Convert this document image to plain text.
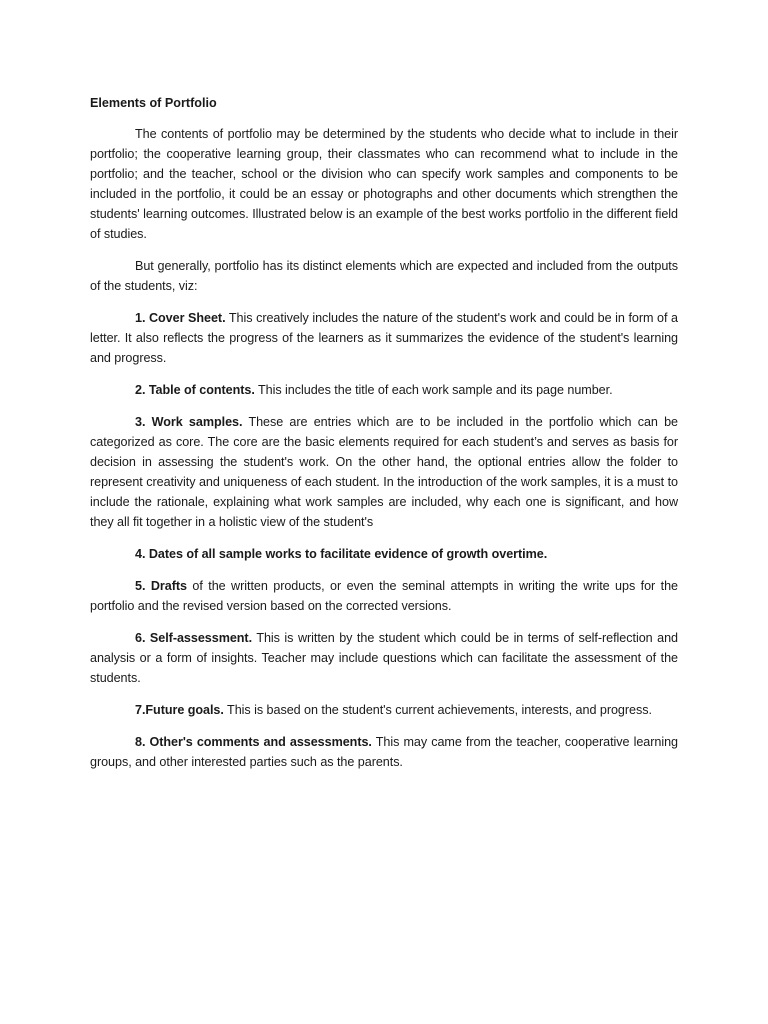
Elements of Portfolio

The contents of portfolio may be determined by the students who decide what to include in their portfolio; the cooperative learning group, their classmates who can recommend what to include in the portfolio; and the teacher, school or the division who can specify work samples and components to be included in the portfolio, it could be an essay or photographs and other documents which strengthen the students' learning outcomes. Illustrated below is an example of the best works portfolio in the different field of studies.

But generally, portfolio has its distinct elements which are expected and included from the outputs of the students, viz:

1. Cover Sheet. This creatively includes the nature of the student's work and could be in form of a letter. It also reflects the progress of the learners as it summarizes the evidence of the student's learning and progress.

2. Table of contents. This includes the title of each work sample and its page number.

3. Work samples. These are entries which are to be included in the portfolio which can be categorized as core. The core are the basic elements required for each student’s and serves as basis for decision in assessing the student's work. On the other hand, the optional entries allow the folder to represent creativity and uniqueness of each student. In the introduction of the work samples, it is a must to include the rationale, explaining what work samples are included, why each one is significant, and how they all fit together in a holistic view of the student's

4. Dates of all sample works to facilitate evidence of growth overtime.

5. Drafts of the written products, or even the seminal attempts in writing the write ups for the portfolio and the revised version based on the corrected versions.

6. Self-assessment. This is written by the student which could be in terms of self-reflection and analysis or a form of insights. Teacher may include questions which can facilitate the assessment of the students.

7.Future goals. This is based on the student's current achievements, interests, and progress.

8. Other's comments and assessments. This may came from the teacher, cooperative learning groups, and other interested parties such as the parents.
